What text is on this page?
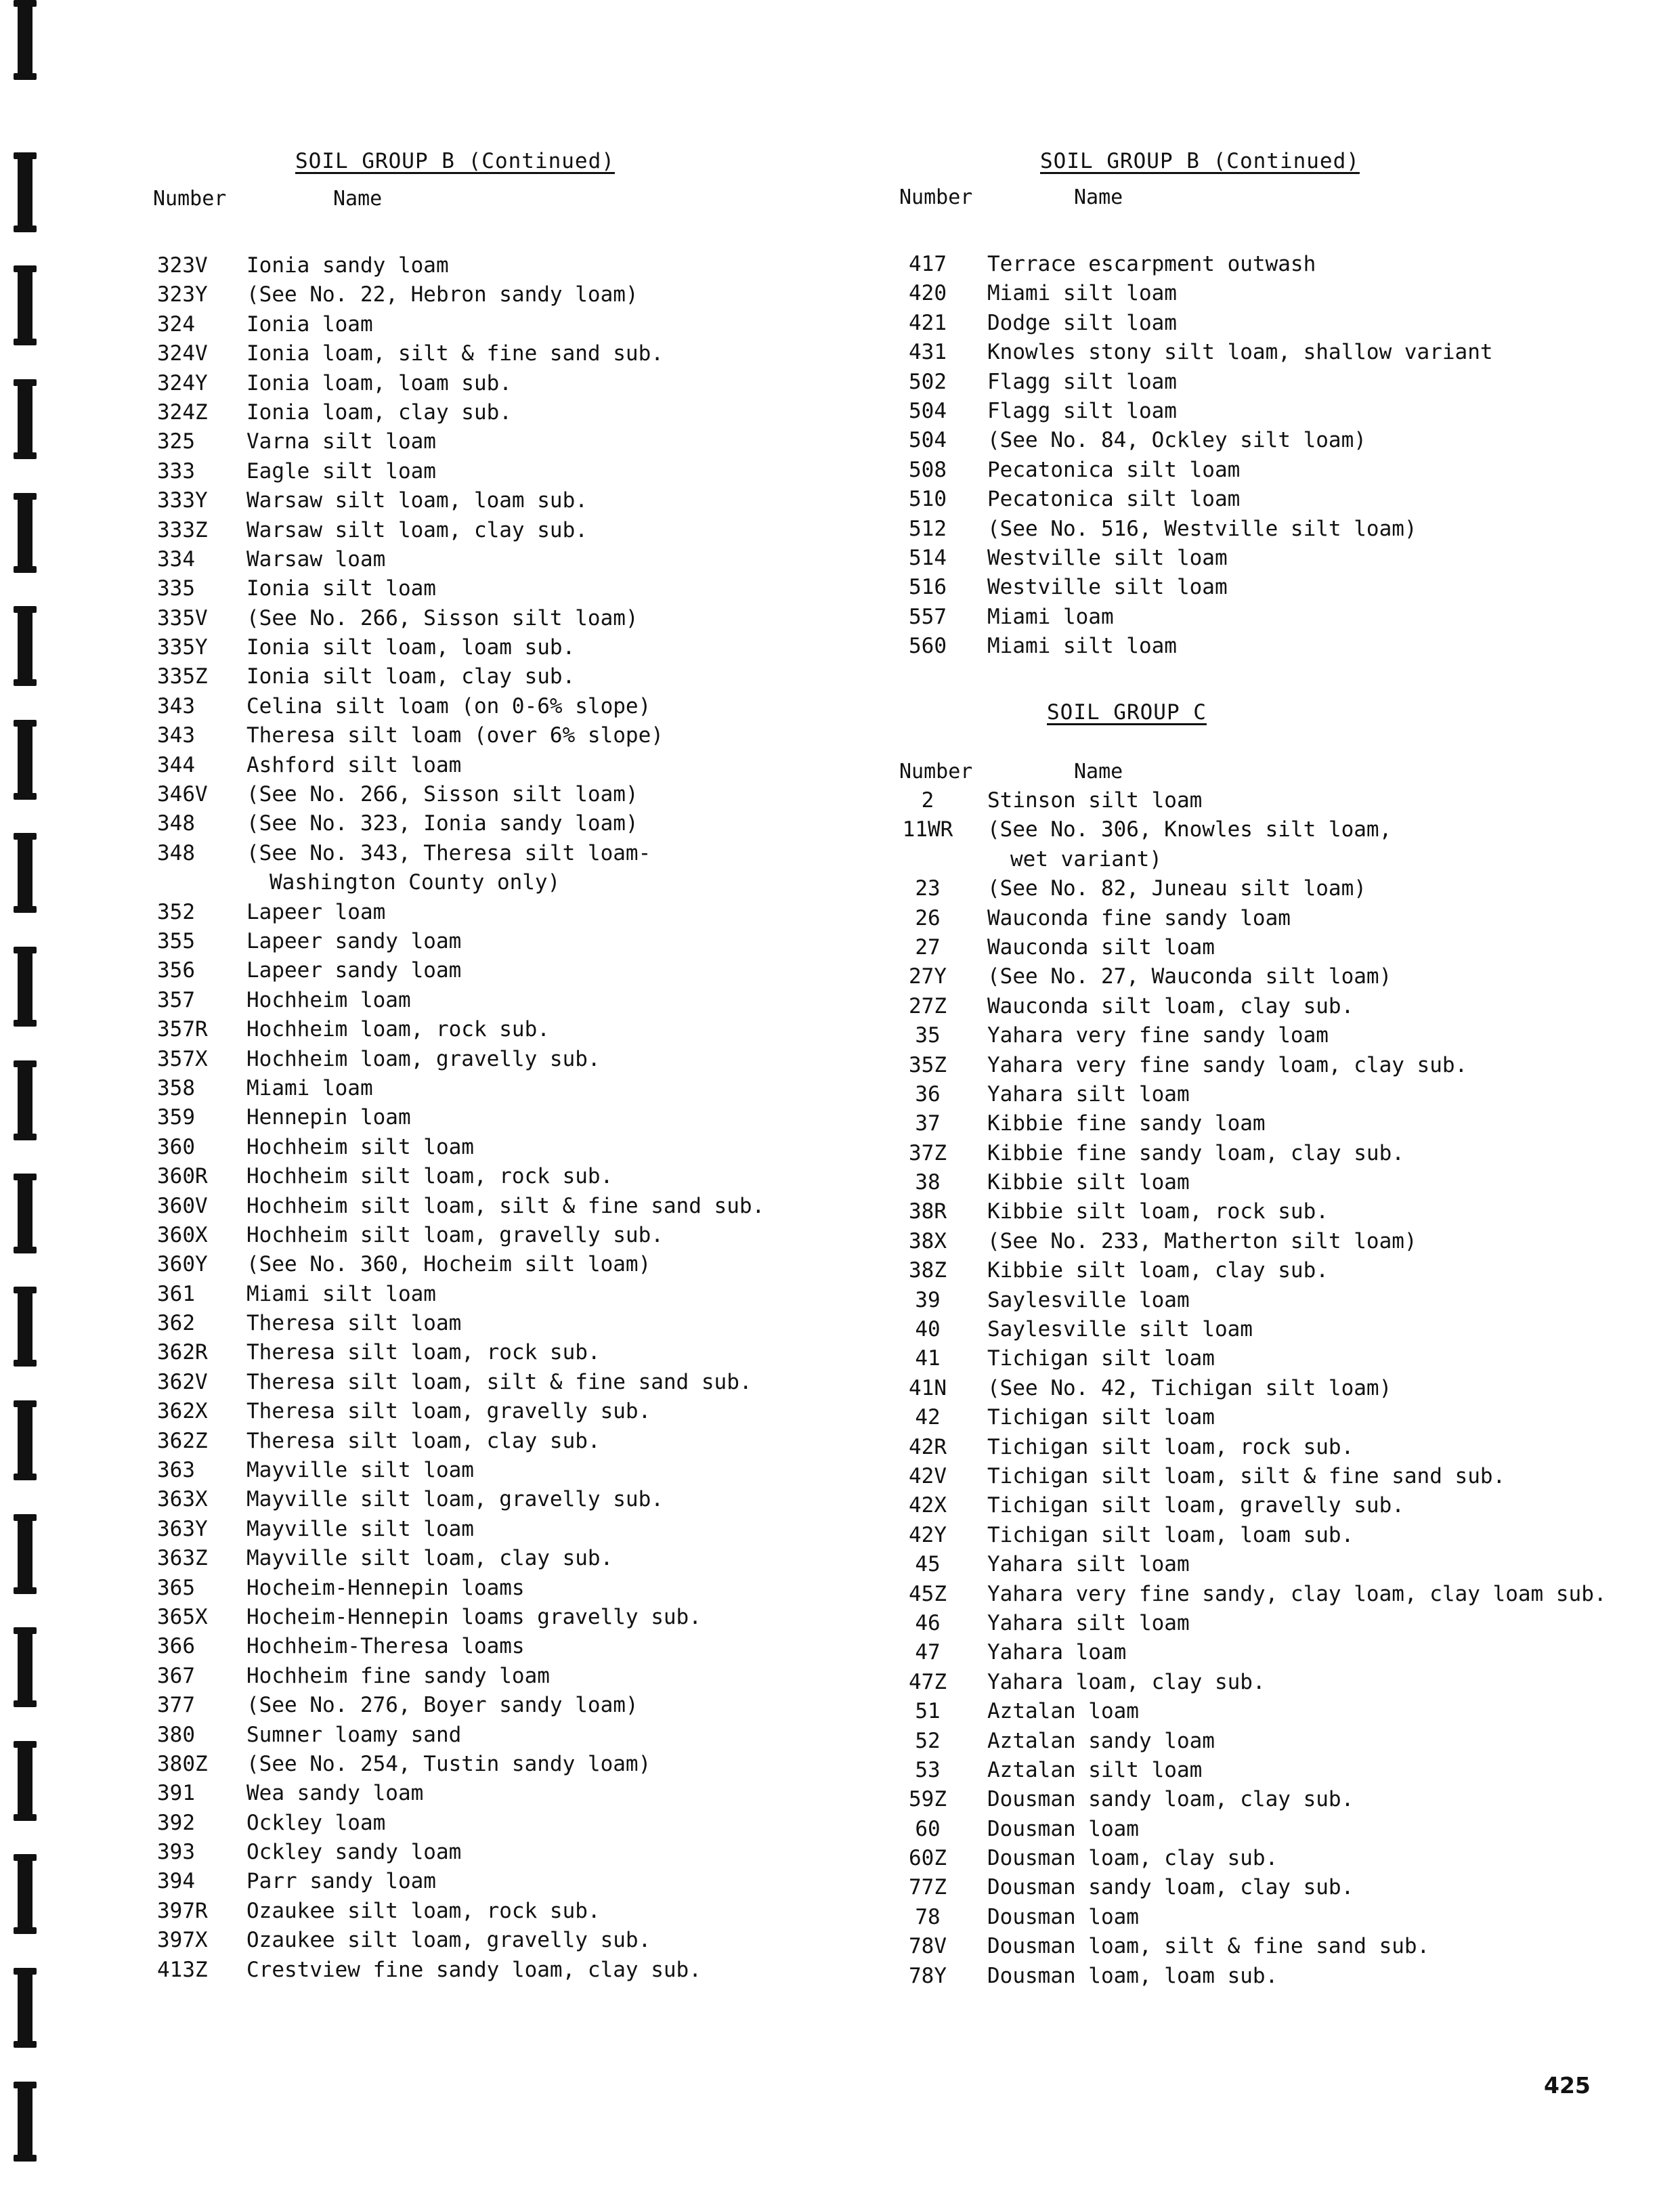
SOIL GROUP B (Continued)
Number	Name
323V Ionia sandy loam
323Y (See No. 22, Hebron sandy loam)
324 Ionia loam
324V Ionia loam, silt & fine sand sub.
324Y Ionia loam, loam sub.
324Z Ionia loam, clay sub.
325 Varna silt loam
333 Eagle silt loam
333Y Warsaw silt loam, loam sub.
333Z Warsaw silt loam, clay sub.
334 Warsaw loam
335 Ionia silt loam
335V (See No. 266, Sisson silt loam)
335Y Ionia silt loam, loam sub.
335Z Ionia silt loam, clay sub.
343 Celina silt loam (on 0-6% slope)
343 Theresa silt loam (over 6% slope)
344 Ashford silt loam
346V (See No. 266, Sisson silt loam)
348 (See No. 323, Ionia sandy loam)
348 (See No. 343, Theresa silt loam-
Washington County only)
352 Lapeer loam
355 Lapeer sandy loam
356 Lapeer sandy loam
357 Hochheim loam
357R Hochheim loam, rock sub.
357X Hochheim loam, gravelly sub.
358 Miami loam
359 Hennepin loam
360 Hochheim silt loam
360R Hochheim silt loam, rock sub.
360V Hochheim silt loam, silt & fine sand sub.
360X Hochheim silt loam, gravelly sub.
360Y (See No. 360, Hocheim silt loam)
361 Miami silt loam
362 Theresa silt loam
362R Theresa silt loam, rock sub.
362V Theresa silt loam, silt & fine sand sub.
362X Theresa silt loam, gravelly sub.
362Z Theresa silt loam, clay sub.
363 Mayville silt loam
363X Mayville silt loam, gravelly sub.
363Y Mayville silt loam
363Z Mayville silt loam, clay sub.
365 Hocheim-Hennepin loams
365X Hocheim-Hennepin loams gravelly sub.
366 Hochheim-Theresa loams
367 Hochheim fine sandy loam
377 (See No. 276, Boyer sandy loam)
380 Sumner loamy sand
380Z (See No. 254, Tustin sandy loam)
391 Wea sandy loam
392 Ockley loam
393 Ockley sandy loam
394 Parr sandy loam
397R Ozaukee silt loam, rock sub.
397X Ozaukee silt loam, gravelly sub.
413Z Crestview fine sandy loam, clay sub.
SOIL GROUP B (Continued)
Number	Name
417	Terrace escarpment outwash
420	Miami silt loam
421	Dodge silt loam
431	Knowles stony silt loam, shallow variant
502	Flagg silt loam
504	Flagg silt loam
504	(See No. 84, Ockley silt loam)
508	Pecatonica silt loam
510	Pecatonica silt loam
512	(See No. 516, Westville silt loam)
514	Westville silt loam
516	Westville silt loam
557	Miami loam
560	Miami silt loam
SOIL GROUP C
Number	Name
2	Stinson silt loam
11WR (See No. 306, Knowles silt loam,
wet variant)
23	(See No. 82, Juneau silt loam)
26	Wauconda fine sandy loam
27	Wauconda silt loam
27Y	(See No. 27, Wauconda silt loam)
27Z	Wauconda silt loam, clay sub.
35	Yahara very fine sandy loam
35Z	Yahara very fine sandy loam, clay sub.
36	Yahara silt loam
37	Kibbie fine sandy loam
37Z	Kibbie fine sandy loam, clay sub.
38	Kibbie silt loam
38R	Kibbie silt loam, rock sub.
38X	(See No. 233, Matherton silt loam)
38Z	Kibbie silt loam, clay sub.
39	Saylesville loam
40	Saylesville silt loam
41	Tichigan silt loam
41N	(See No. 42, Tichigan silt loam)
42	Tichigan silt loam
42R	Tichigan silt loam, rock sub.
42V	Tichigan silt loam, silt & fine sand sub.
42X	Tichigan silt loam, gravelly sub.
42Y	Tichigan silt loam, loam sub.
45	Yahara silt loam
45Z	Yahara very fine sandy, clay loam, clay loam sub.
46	Yahara silt loam
47	Yahara loam
47Z	Yahara loam, clay sub.
51	Aztalan loam
52	Aztalan sandy loam
53	Aztalan silt loam
59Z	Dousman sandy loam, clay sub.
60	Dousman loam
60Z	Dousman loam, clay sub.
77Z	Dousman sandy loam, clay sub.
78	Dousman loam
78V	Dousman loam, silt & fine sand sub.
78Y	Dousman loam, loam sub.
425
